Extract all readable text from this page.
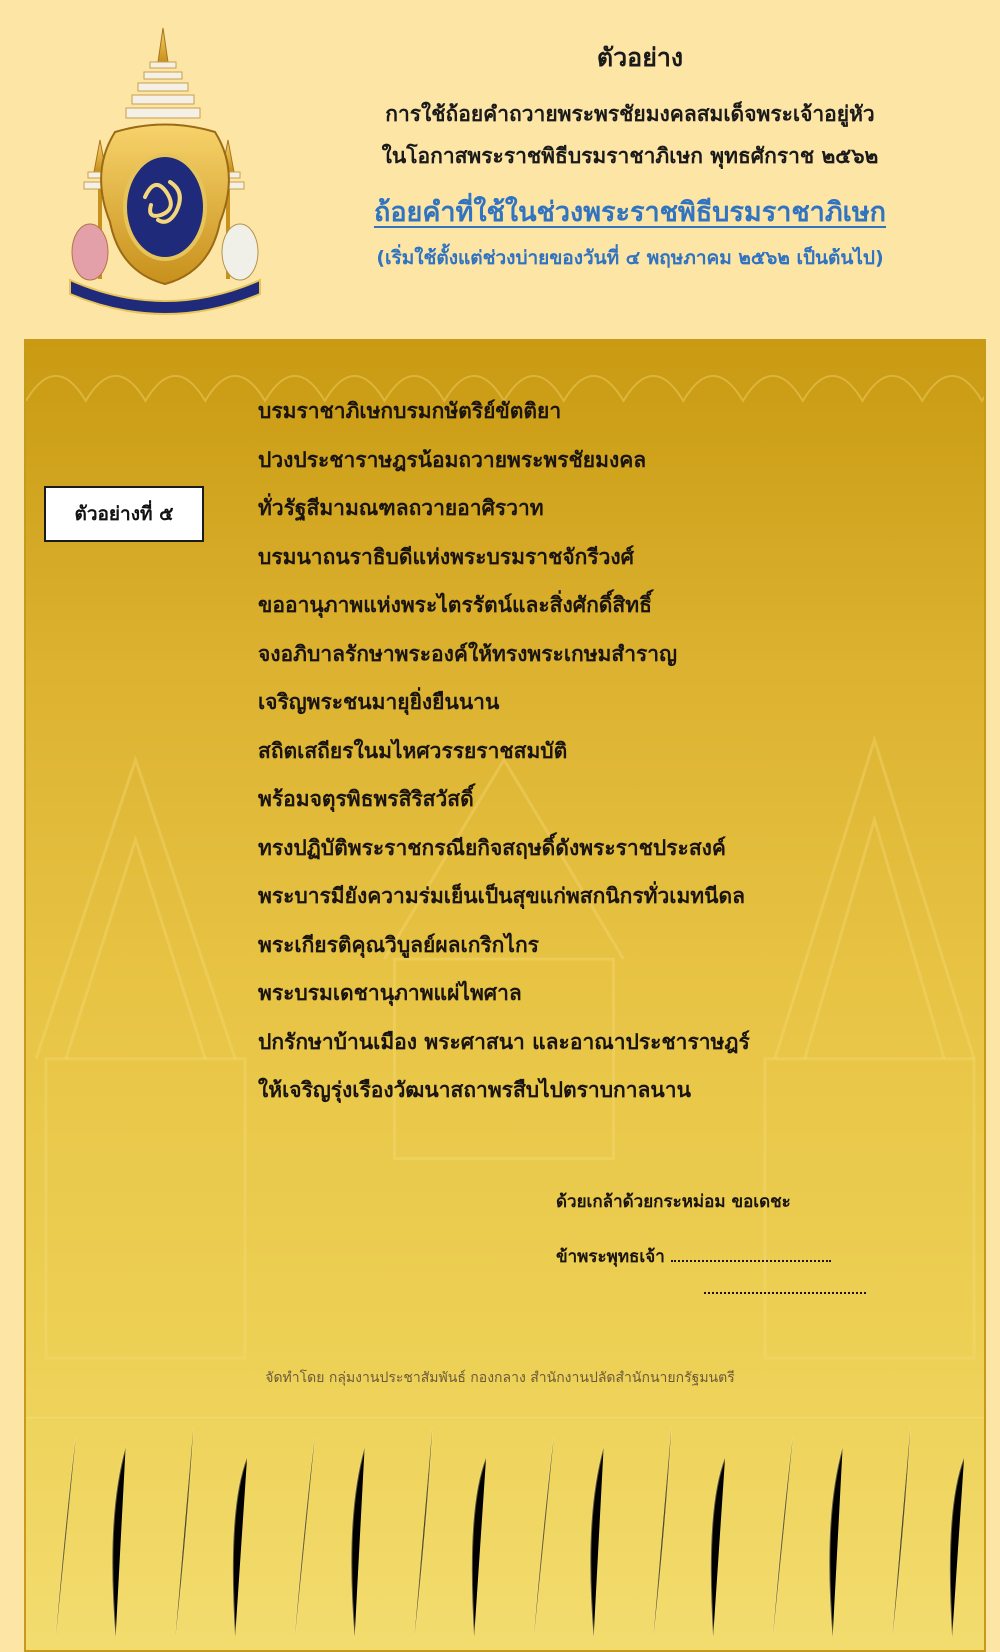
ตัวอย่าง
การใช้ถ้อยคำถวายพระพรชัยมงคลสมเด็จพระเจ้าอยู่หัว
ในโอกาสพระราชพิธีบรมราชาภิเษก พุทธศักราช ๒๕๖๒
ถ้อยคำที่ใช้ในช่วงพระราชพิธีบรมราชาภิเษก
(เริ่มใช้ตั้งแต่ช่วงบ่ายของวันที่ ๔ พฤษภาคม ๒๕๖๒ เป็นต้นไป)
ตัวอย่างที่ ๕
บรมราชาภิเษกบรมกษัตริย์ขัตติยา
ปวงประชาราษฎรน้อมถวายพระพรชัยมงคล
ทั่วรัฐสีมามณฑลถวายอาศิรวาท
บรมนาถนราธิบดีแห่งพระบรมราชจักรีวงศ์
ขออานุภาพแห่งพระไตรรัตน์และสิ่งศักดิ์สิทธิ์
จงอภิบาลรักษาพระองค์ให้ทรงพระเกษมสำราญ
เจริญพระชนมายุยิ่งยืนนาน
สถิตเสถียรในมไหศวรรยราชสมบัติ
พร้อมจตุรพิธพรสิริสวัสดิ์
ทรงปฏิบัติพระราชกรณียกิจสฤษดิ์ดังพระราชประสงค์
พระบารมียังความร่มเย็นเป็นสุขแก่พสกนิกรทั่วเมทนีดล
พระเกียรติคุณวิบูลย์ผลเกริกไกร
พระบรมเดชานุภาพแผ่ไพศาล
ปกรักษาบ้านเมือง พระศาสนา และอาณาประชาราษฎร์
ให้เจริญรุ่งเรืองวัฒนาสถาพรสืบไปตราบกาลนาน
ด้วยเกล้าด้วยกระหม่อม ขอเดชะ
ข้าพระพุทธเจ้า
จัดทำโดย กลุ่มงานประชาสัมพันธ์ กองกลาง สำนักงานปลัดสำนักนายกรัฐมนตรี
